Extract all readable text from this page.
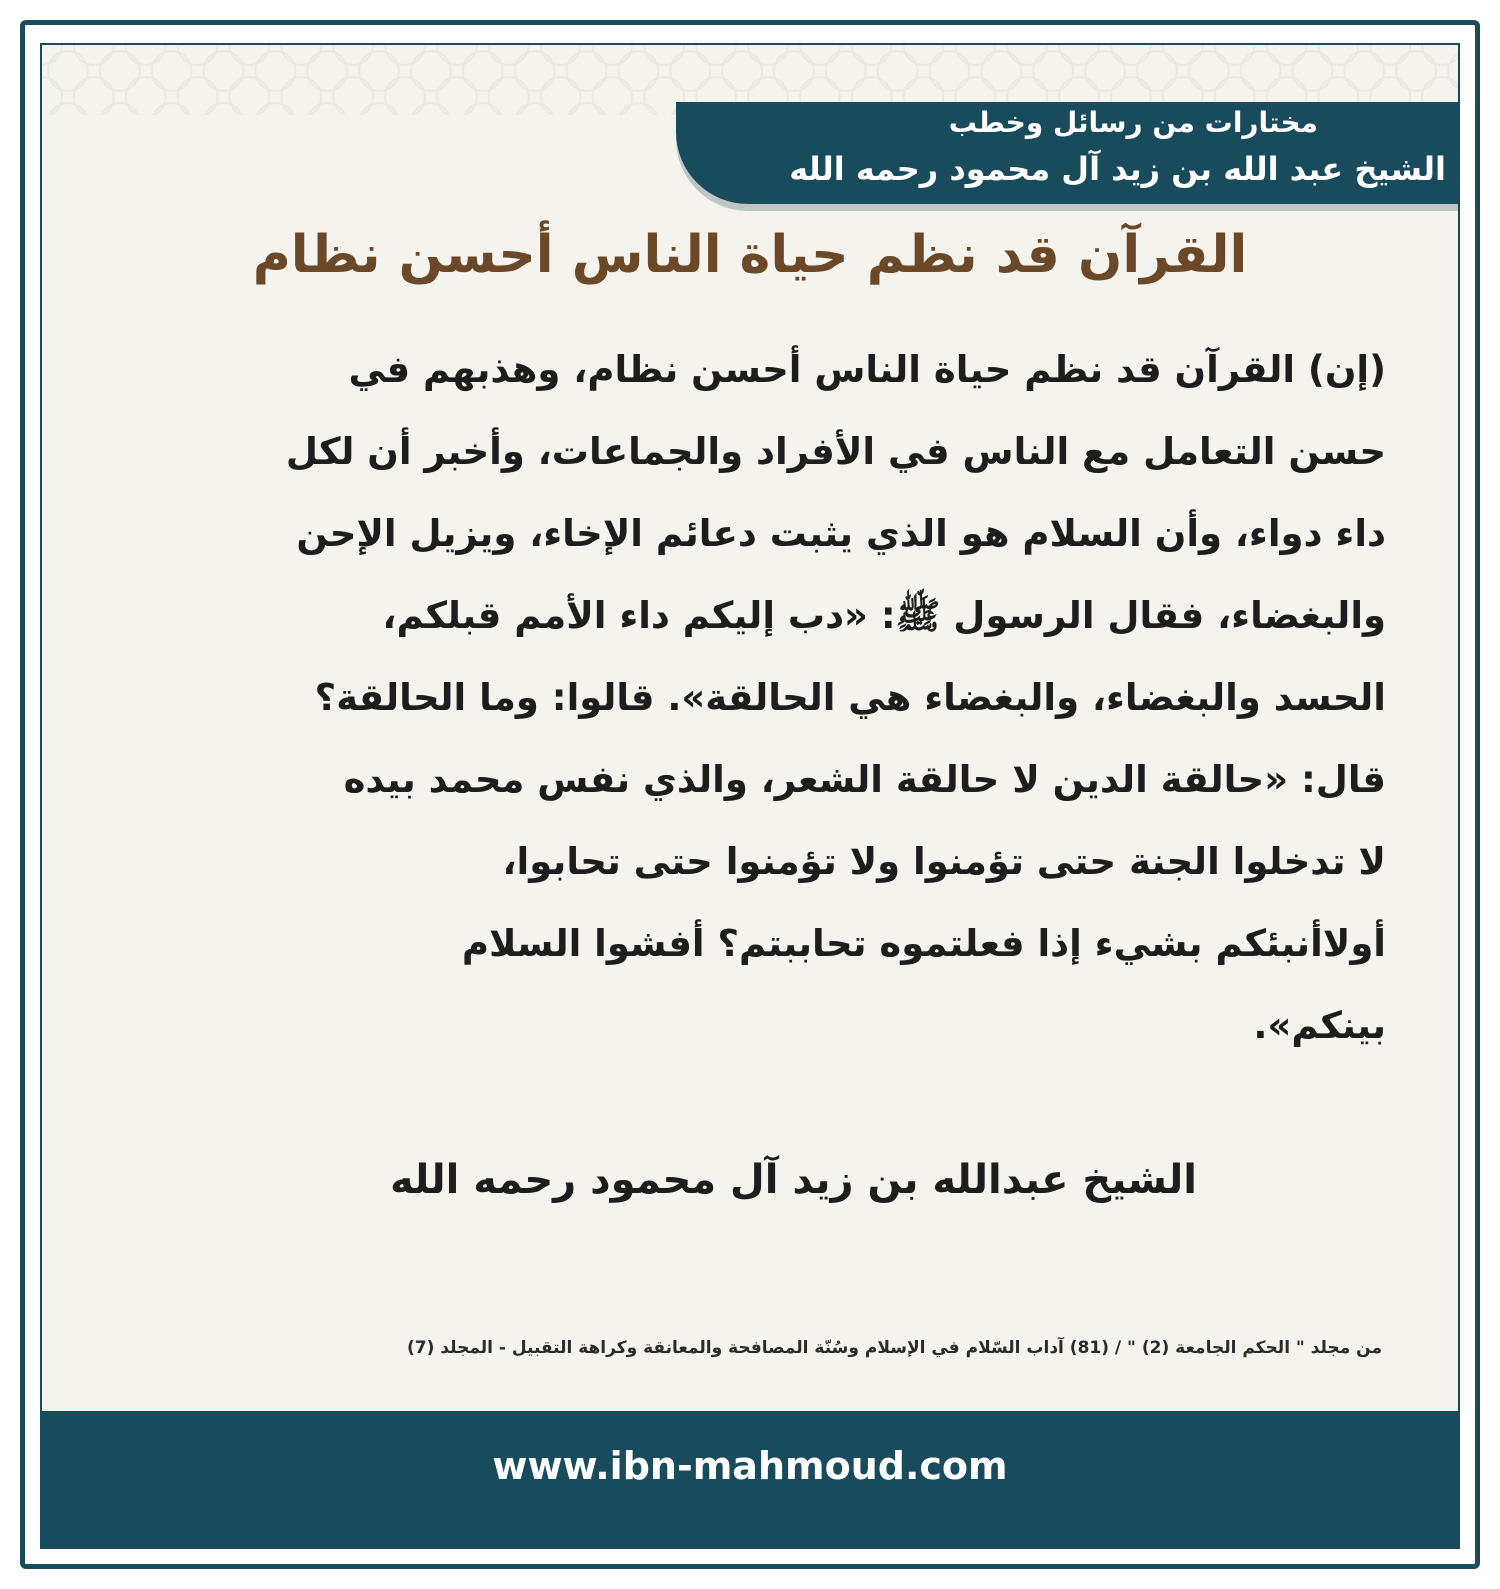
مختارات من رسائل وخطب
الشيخ عبد الله بن زيد آل محمود رحمه الله
القرآن قد نظم حياة الناس أحسن نظام
(إن) القرآن قد نظم حياة الناس أحسن نظام، وهذبهم في
حسن التعامل مع الناس في الأفراد والجماعات، وأخبر أن لكل
داء دواء، وأن السلام هو الذي يثبت دعائم الإخاء، ويزيل الإحن
والبغضاء، فقال الرسول ﷺ: «دب إليكم داء الأمم قبلكم،
الحسد والبغضاء، والبغضاء هي الحالقة». قالوا: وما الحالقة؟
قال: «حالقة الدين لا حالقة الشعر، والذي نفس محمد بيده
لا تدخلوا الجنة حتى تؤمنوا ولا تؤمنوا حتى تحابوا،
أولاأنبئكم بشيء إذا فعلتموه تحاببتم؟ أفشوا السلام
بينكم».
الشيخ عبدالله بن زيد آل محمود رحمه الله
من مجلد " الحكم الجامعة (2) " / (81) آداب السّلام في الإسلام وسُنّة المصافحة والمعانقة وكراهة التقبيل - المجلد (7)
www.ibn-mahmoud.com
